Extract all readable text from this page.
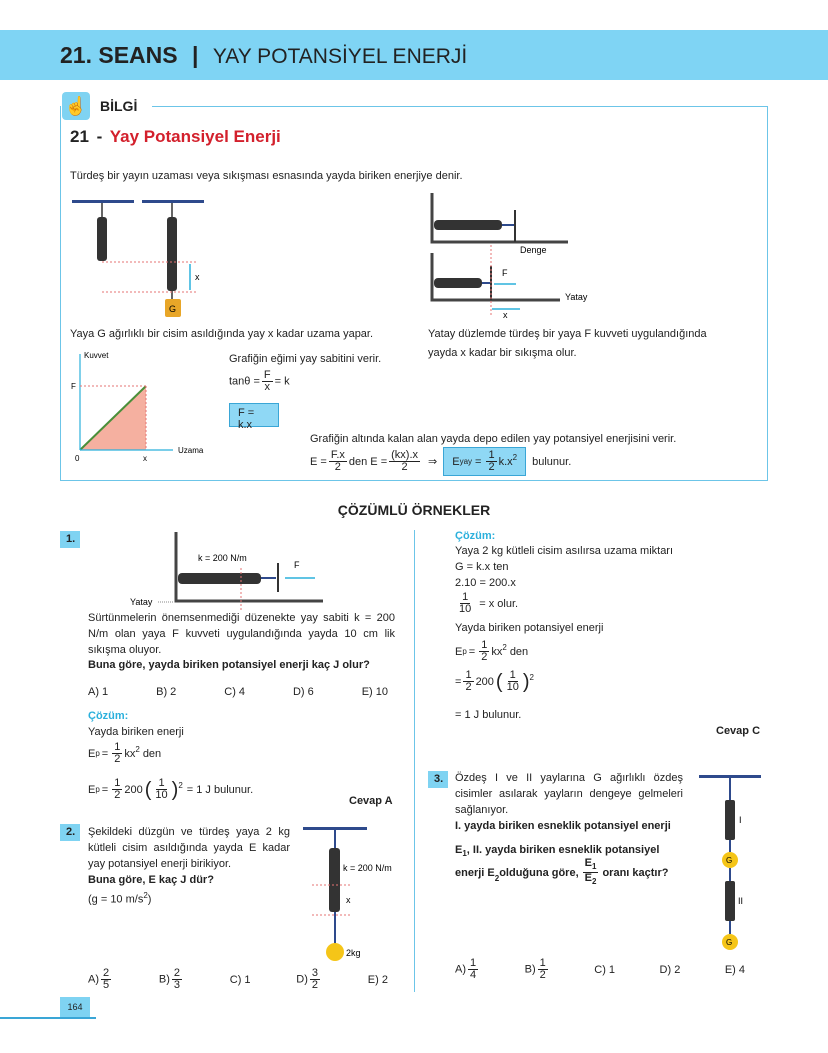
21. SEANS | YAY POTANSİYEL ENERJİ
☝ BİLGİ
21 - Yay Potansiyel Enerji
Türdeş bir yayın uzaması veya sıkışması esnasında yayda biriken enerjiye denir.
x
G
Yaya G ağırlıklı bir cisim asıldığında yay x kadar uzama yapar.
Denge
F
Yatay
x
Yatay düzlemde türdeş bir yaya F kuvveti uygulandığında
yayda x kadar bir sıkışma olur.
Kuvvet
Uzama
F
x
0
Grafiğin eğimi yay sabitini verir.
$\tan\theta = \frac{F}{x} = k$
F = k.x
Grafiğin altında kalan alan yayda depo edilen yay potansiyel enerjisini verir.
$E = \frac{F.x}{2}$ den $E = \frac{(kx).x}{2}$ ⇒ E yay = $\frac{1}{2} k.x^2$ bulunur.
ÇÖZÜMLÜ ÖRNEKLER
1.
k = 200 N/m
F
Yatay
Sürtünmelerin önemsenmediği düzenekte yay sabiti k = 200 N/m olan yaya F kuvveti uygulandığında yayda 10 cm lik sıkışma oluyor.
Buna göre, yayda biriken potansiyel enerji kaç J olur?
A) 1	B) 2	C) 4	D) 6	E) 10
Çözüm:
Yayda biriken enerji
E $p = \frac{1}{2} kx^2$ den
E $p = \frac{1}{2} 200$ ( $\frac{1}{10} )^2 = 1$ J bulunur.
Cevap A
2.	Şekildeki düzgün ve türdeş yaya 2 kg kütleli cisim asıldığında yayda E kadar yay potansiyel enerji birikiyor.
Buna göre, E kaç J dür?
(g = 10 $m/s^2$)
k = 200 N/m
x
2kg
$A) \frac{2}{5}$	$B) \frac{2}{3}$	C) 1	$D) \frac{3}{2}$	E) 2
Çözüm:
Yaya 2 kg kütleli cisim asılırsa uzama miktarı
G = k.x ten
2.10 = 200.x
$\frac{1}{10} = x$ olur.
Yayda biriken potansiyel enerji
E $p = \frac{1}{2} kx^2$ den
= $\frac{1}{2} 200$ ( $\frac{1}{10} )^2$
= 1 J bulunur.
Cevap C
3.	Özdeş I ve II yaylarına G ağırlıklı özdeş cisimler asılarak yayların dengeye gelmeleri sağlanıyor.
I. yayda biriken esneklik potansiyel enerji
$E_1$, II. yayda biriken esneklik potansiyel
enerji E
$_2$
olduğuna göre, $\frac{E_1}{E_2}$ oranı kaçtır?
I
II
G
G
$A) \frac{1}{4}$	$B) \frac{1}{2}$	C) 1	D) 2	E) 4
164
